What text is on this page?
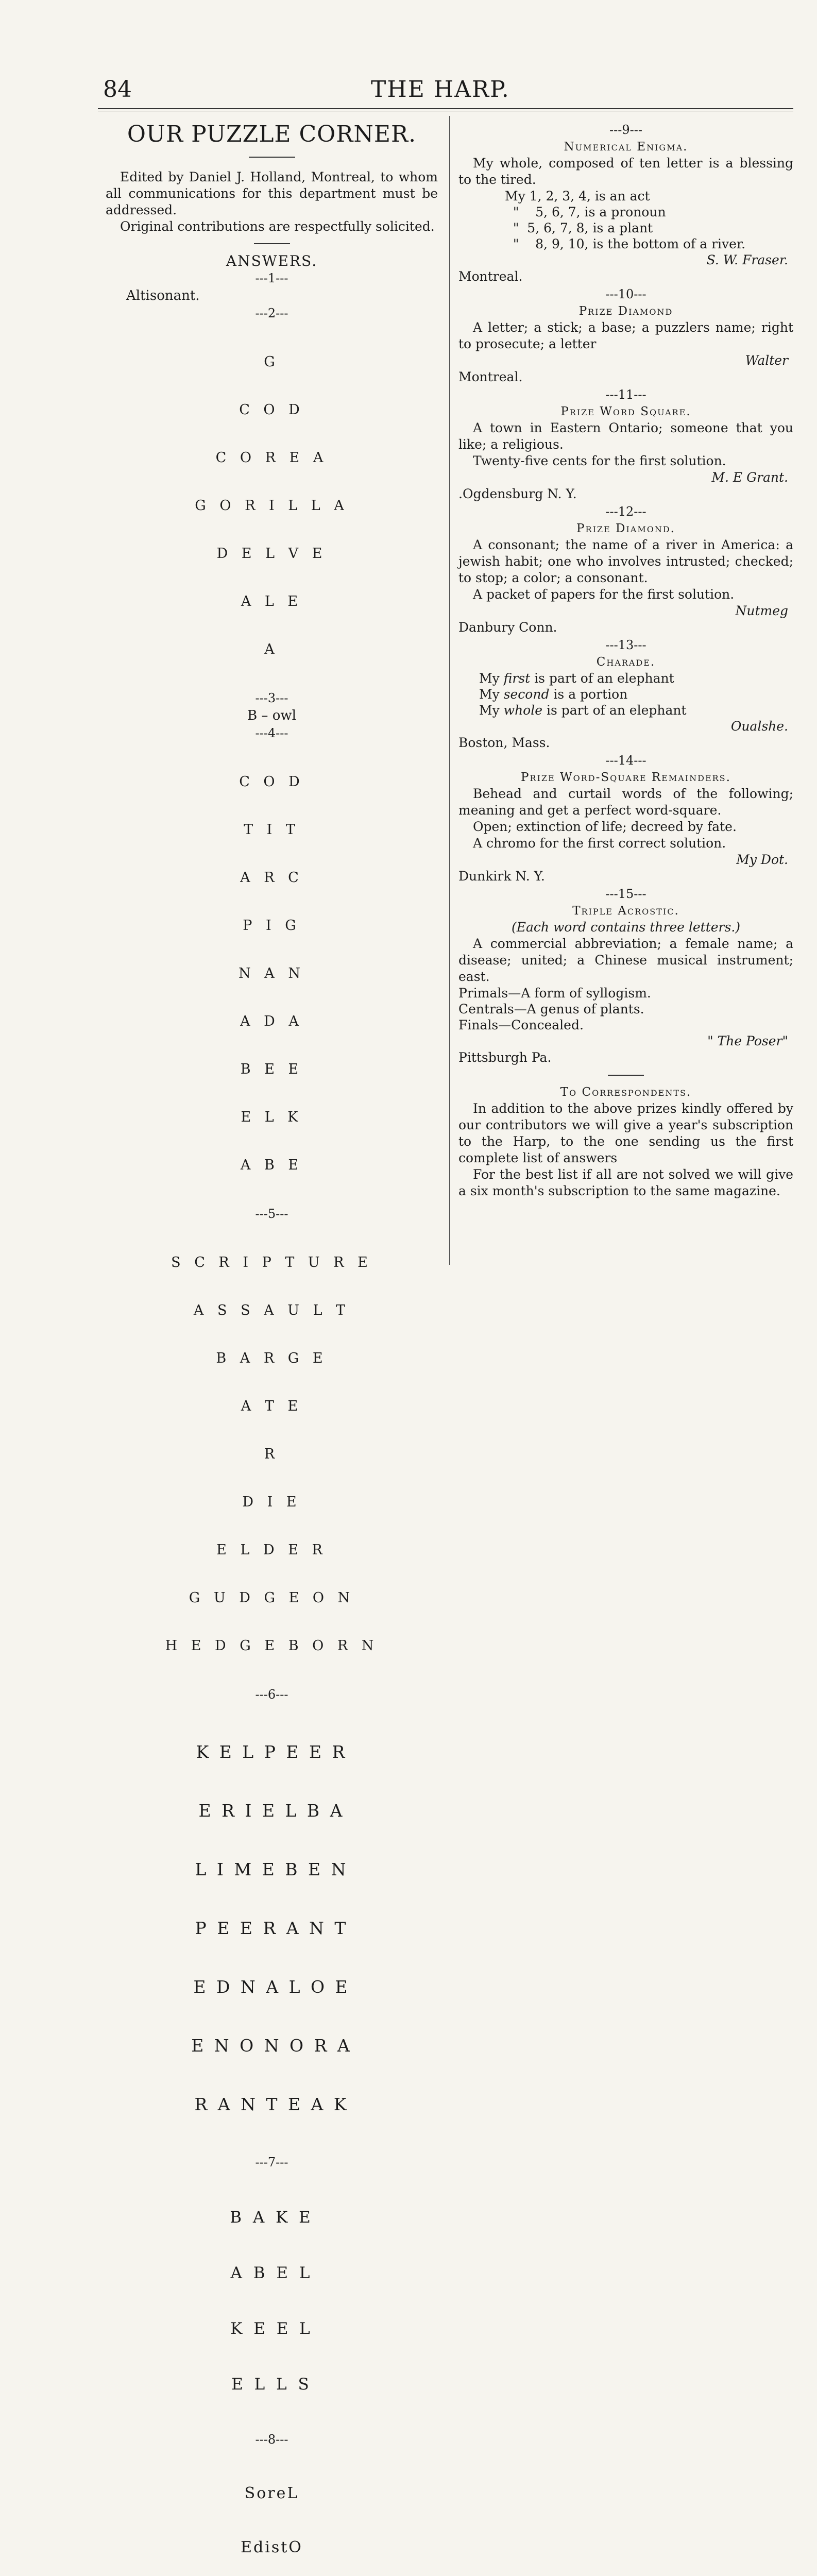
84	THE HARP.
OUR PUZZLE CORNER.

Edited by Daniel J. Holland, Montreal, to whom all communications for this department must be addressed.

Original contributions are respectfully solicited.

ANSWERS.
---1---
Altisonant.
---2---

G

C O D

C O R E A

G O R I L L A

D E L V E

A L E

A

---3---
B – owl
---4---

C O D

T I T

A R C

P I G

N A N

A D A

B E E

E L K

A B E

---5---

S C R I P T U R E

A S S A U L T

B A R G E

A T E

R

D I E

E L D E R

G U D G E O N

H E D G E B O R N

---6---

K E L P E E R

E R I E L B A

L I M E B E N

P E E R A N T

E D N A L O E

E N O N O R A

R A N T E A K

---7---

B A K E

A B E L

K E E L

E L L S

---8---

SoreL

EdistO

---9---
Numerical Enigma.

My whole, composed of ten letter is a blessing to the tired.

My 1, 2, 3, 4, is an act
"    5, 6, 7, is a pronoun
"  5, 6, 7, 8, is a plant
"    8, 9, 10, is the bottom of a river.
S. W. Fraser.
Montreal.
---10---
Prize Diamond

A letter; a stick; a base; a puzzlers name; right to prosecute; a letter

Walter
Montreal.
---11---
Prize Word Square.

A town in Eastern Ontario; someone that you like; a religious.

Twenty-five cents for the first solution.

M. E Grant.
.Ogdensburg N. Y.
---12---
Prize Diamond.

A consonant; the name of a river in America: a jewish habit; one who involves intrusted; checked; to stop; a color; a consonant.

A packet of papers for the first solution.

Nutmeg
Danbury Conn.
---13---
Charade.
My first is part of an elephant
My second is a portion
My whole is part of an elephant
Oualshe.
Boston, Mass.
---14---
Prize Word-Square Remainders.

Behead and curtail words of the following; meaning and get a perfect word-square.

Open; extinction of life; decreed by fate.

A chromo for the first correct solution.

My Dot.
Dunkirk N. Y.
---15---
Triple Acrostic.
(Each word contains three letters.)

A commercial abbreviation; a female name; a disease; united; a Chinese musical instrument; east.

Primals—A form of syllogism.
Centrals—A genus of plants.
Finals—Concealed.
" The Poser"
Pittsburgh Pa.
To Correspondents.

In addition to the above prizes kindly offered by our contributors we will give a year's subscription to the Harp, to the one sending us the first complete list of answers

For the best list if all are not solved we will give a six month's subscription to the same magazine.
